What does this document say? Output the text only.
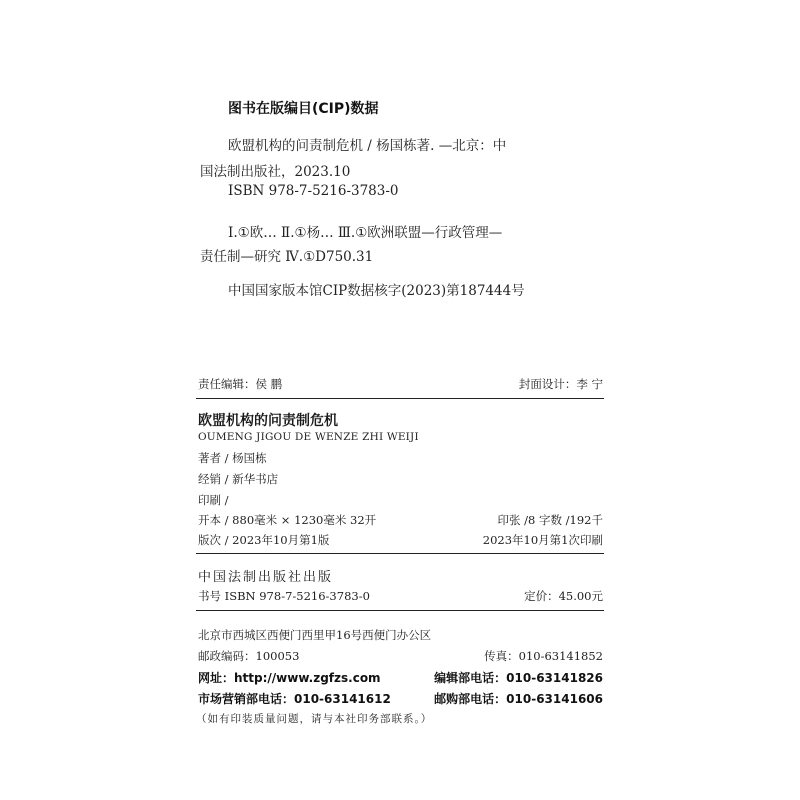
图书在版编目(CIP)数据
欧盟机构的问责制危机 / 杨国栋著. —北京：中
国法制出版社，2023.10
ISBN 978-7-5216-3783-0
Ⅰ.①欧… Ⅱ.①杨… Ⅲ.①欧洲联盟—行政管理—
责任制—研究 Ⅳ.①D750.31
中国国家版本馆CIP数据核字(2023)第187444号
责任编辑：侯 鹏	封面设计：李 宁
欧盟机构的问责制危机
OUMENG JIGOU DE WENZE ZHI WEIJI
著者 / 杨国栋
经销 / 新华书店
印刷 /
开本 / 880毫米 × 1230毫米 32开	印张 /8 字数 /192千
版次 / 2023年10月第1版	2023年10月第1次印刷
中国法制出版社出版
书号 ISBN 978-7-5216-3783-0	定价：45.00元
北京市西城区西便门西里甲16号西便门办公区
邮政编码：100053	传真：010-63141852
网址：http://www.zgfzs.com	编辑部电话：010-63141826
市场营销部电话：010-63141612	邮购部电话：010-63141606
（如有印装质量问题，请与本社印务部联系。）
